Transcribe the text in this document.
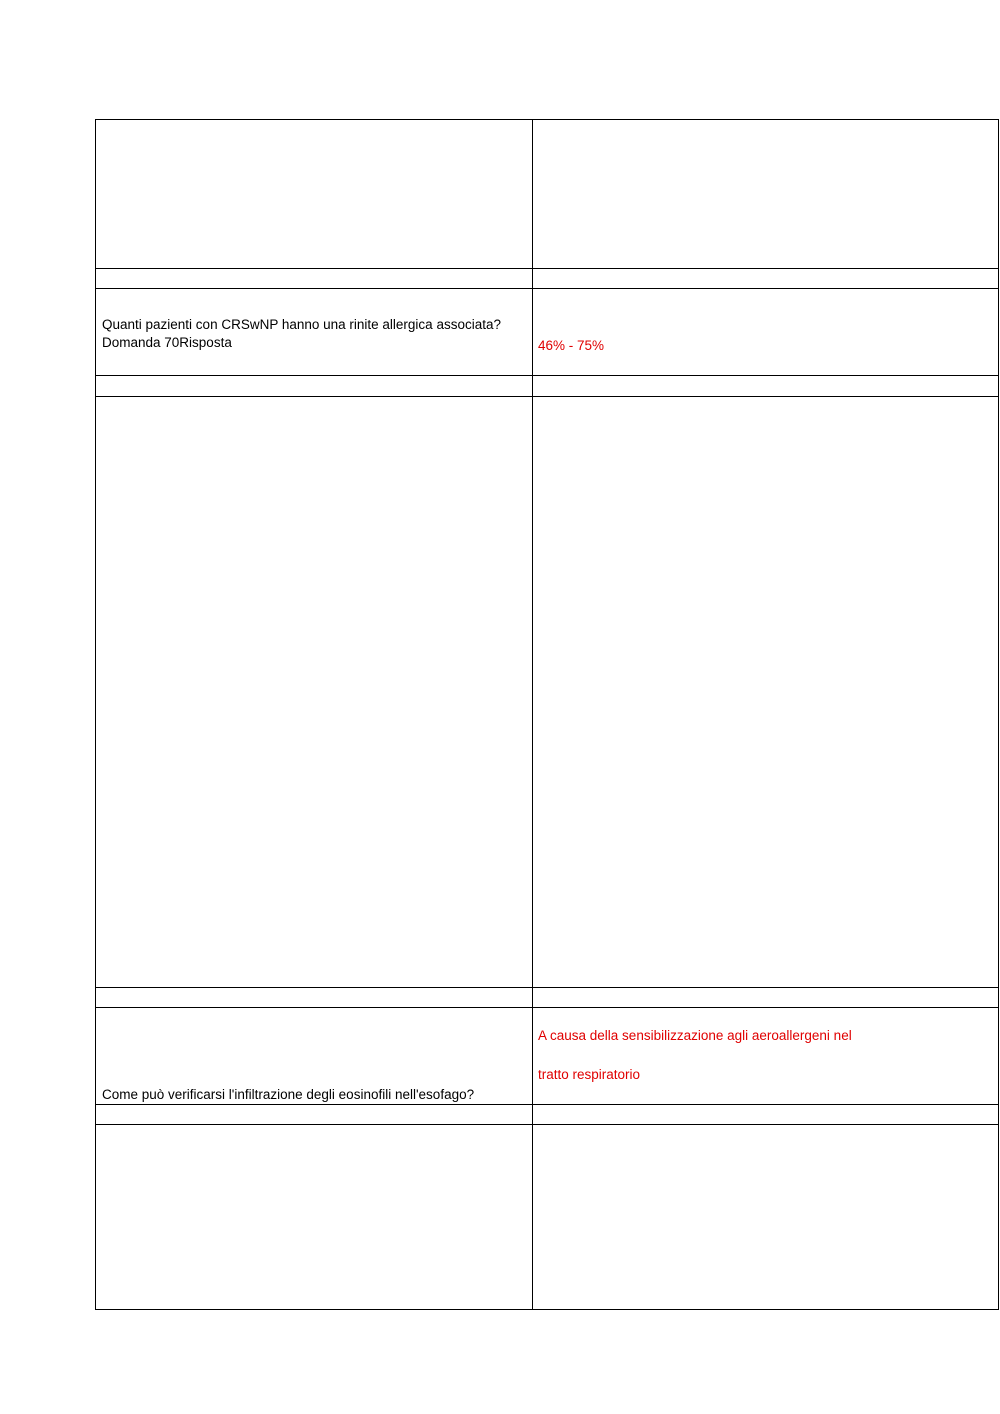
Quanti pazienti con CRSwNP hanno una rinite allergica associata?
Domanda 70Risposta	46% - 75%
Come può verificarsi l'infiltrazione degli eosinofili nell'esofago?
A causa della sensibilizzazione agli aeroallergeni nel
tratto respiratorio
